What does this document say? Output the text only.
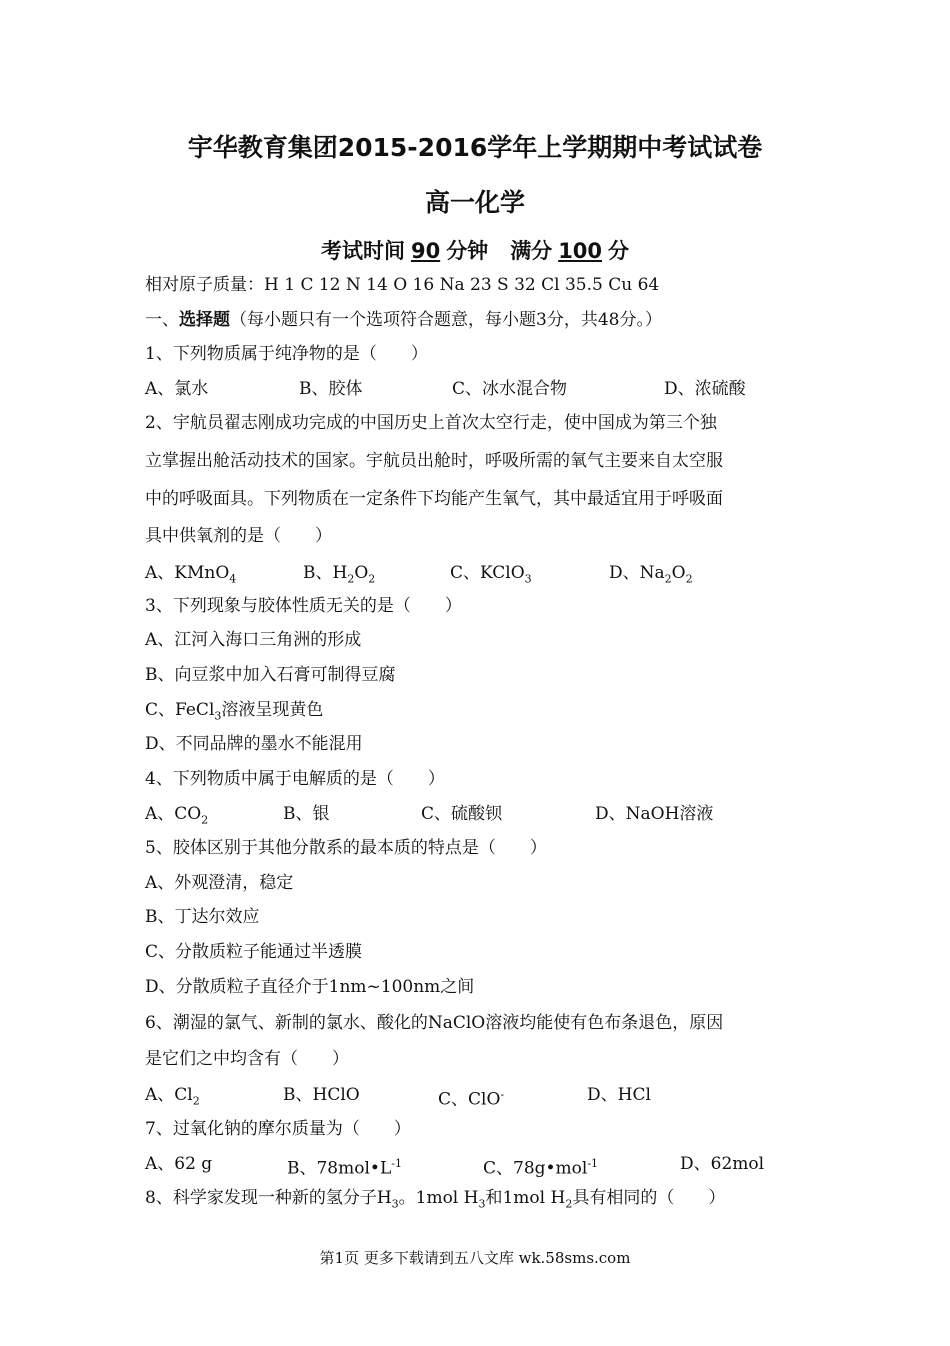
宇华教育集团2015-2016学年上学期期中考试试卷
高一化学
考试时间 90 分钟 满分 100 分
相对原子质量：H 1 C 12 N 14 O 16 Na 23 S 32 Cl 35.5 Cu 64
一、选择题（每小题只有一个选项符合题意，每小题3分，共48分。）
1、下列物质属于纯净物的是（　　）
A、氯水	B、胶体	C、冰水混合物	D、浓硫酸
2、宇航员翟志刚成功完成的中国历史上首次太空行走，使中国成为第三个独
立掌握出舱活动技术的国家。宇航员出舱时，呼吸所需的氧气主要来自太空服
中的呼吸面具。下列物质在一定条件下均能产生氧气，其中最适宜用于呼吸面
具中供氧剂的是（　　）
A、KMnO$_4$	B、$H_2O_2$	C、KClO$_3$	D、$Na_2O_2$
3、下列现象与胶体性质无关的是（　　）
A、江河入海口三角洲的形成
B、向豆浆中加入石膏可制得豆腐
C、FeCl$_3$溶液呈现黄色
D、不同品牌的墨水不能混用
4、下列物质中属于电解质的是（　　）
A、$CO_2$	B、银	C、硫酸钡	D、NaOH溶液
5、胶体区别于其他分散系的最本质的特点是（　　）
A、外观澄清，稳定
B、丁达尔效应
C、分散质粒子能通过半透膜
D、分散质粒子直径介于1nm~100nm之间
6、潮湿的氯气、新制的氯水、酸化的NaClO溶液均能使有色布条退色，原因
是它们之中均含有（　　）
A、$Cl_2$	B、HClO	C、ClO-	D、HCl
7、过氧化钠的摩尔质量为（　　）
A、62 g	B、$78mol•L^{-1}$	C、78g•mol$^{-1}$	D、62mol
8、科学家发现一种新的氢分子$H_3$。1mol $H_3$和1mol $H_2$具有相同的（　　）
第1页 更多下载请到五八文库 wk.58sms.com
